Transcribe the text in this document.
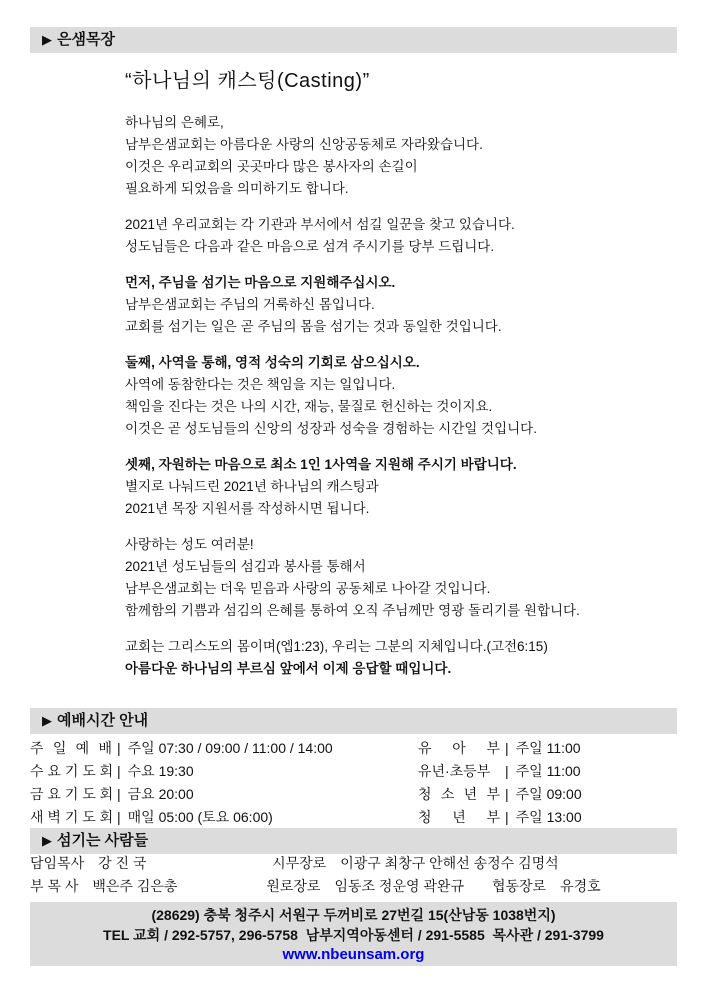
▶ 은샘목장
“하나님의 캐스팅(Casting)”
하나님의 은혜로,
남부은샘교회는 아름다운 사랑의 신앙공동체로 자라왔습니다.
이것은 우리교회의 곳곳마다 많은 봉사자의 손길이
필요하게 되었음을 의미하기도 합니다.
2021년 우리교회는 각 기관과 부서에서 섬길 일꾼을 찾고 있습니다.
성도님들은 다음과 같은 마음으로 섬겨 주시기를 당부 드립니다.
먼저, 주님을 섬기는 마음으로 지원해주십시오.
남부은샘교회는 주님의 거룩하신 몸입니다.
교회를 섬기는 일은 곧 주님의 몸을 섬기는 것과 동일한 것입니다.
둘째, 사역을 통해, 영적 성숙의 기회로 삼으십시오.
사역에 동참한다는 것은 책임을 지는 일입니다.
책임을 진다는 것은 나의 시간, 재능, 물질로 헌신하는 것이지요.
이것은 곧 성도님들의 신앙의 성장과 성숙을 경험하는 시간일 것입니다.
셋째, 자원하는 마음으로 최소 1인 1사역을 지원해 주시기 바랍니다.
별지로 나눠드린 2021년 하나님의 캐스팅과
2021년 목장 지원서를 작성하시면 됩니다.
사랑하는 성도 여러분!
2021년 성도님들의 섬김과 봉사를 통해서
남부은샘교회는 더욱 믿음과 사랑의 공동체로 나아갈 것입니다.
함께함의 기쁨과 섬김의 은혜를 통하여 오직 주님께만 영광 돌리기를 원합니다.
교회는 그리스도의 몸이며(엡1:23), 우리는 그분의 지체입니다.(고전6:15)
아름다운 하나님의 부르심 앞에서 이제 응답할 때입니다.
▶ 예배시간 안내
주 일 예 배 | 주일 07:30 / 09:00 / 11:00 / 14:00
수 요 기 도 회 | 수요 19:30
금 요 기 도 회 | 금요 20:00
새 벽 기 도 회 | 매일 05:00 (토요 06:00)
유 아 부 | 주일 11:00
유년·초등부	| 주일 11:00
청 소 년 부 | 주일 09:00
청 년 부 | 주일 13:00
▶ 섬기는 사람들
담임목사 강 진 국	시무장로 이광구 최창구 안해선 송정수 김명석
부 목 사 백은주 김은총	원로장로 임동조 정운영 곽완규 협동장로 유경호
(28629) 충북 청주시 서원구 두꺼비로 27번길 15(산남동 1038번지)
TEL 교회 / 292-5757, 296-5758  남부지역아동센터 / 291-5585  목사관 / 291-3799
www.nbeunsam.org
